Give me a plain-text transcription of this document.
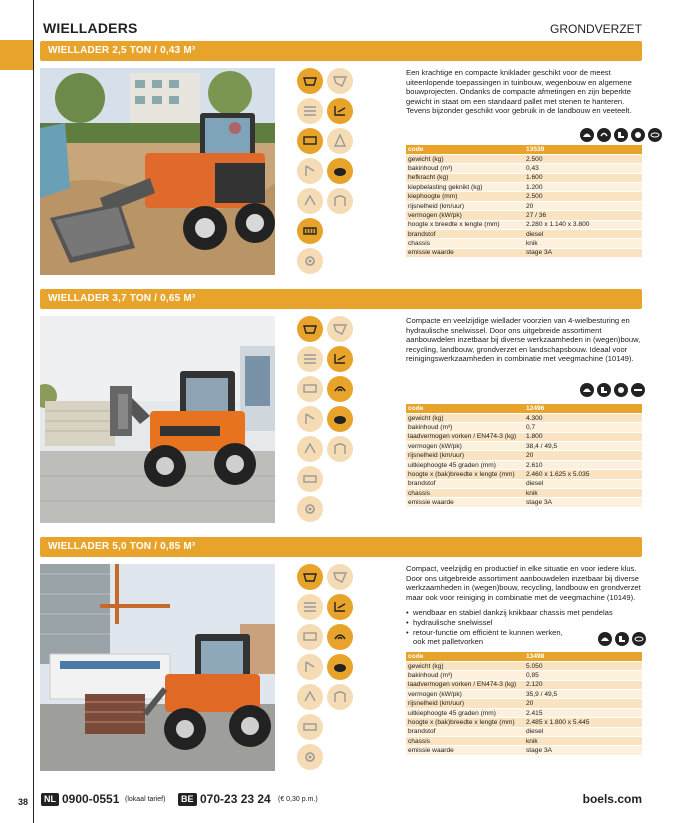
WIELLADERS	GRONDVERZET
WIELLADER 2,5 TON / 0,43 M³
Een krachtige en compacte kniklader geschikt voor de meest uiteenlopende toepassingen in tuinbouw, wegenbouw en algemene bouwprojecten. Ondanks de compacte afmetingen en zijn beperkte gewicht in staat om een standaard pallet met stenen te hanteren. Tevens bijzonder geschikt voor gebruik in de landbouw en veeteelt.
code	13539
gewicht (kg)	2.500
bakinhoud (m³)	0,43
hefkracht (kg)	1.600
kiepbelasting geknikt (kg)	1.200
kiephoogte (mm)	2.500
rijsnelheid (km/uur)	20
vermogen (kW/pk)	27 / 36
hoogte x breedte x lengte (mm)	2.280 x 1.140 x 3.800
brandstof	diesel
chassis	knik
emissie waarde	stage 3A
WIELLADER 3,7 TON / 0,65 M³
Compacte en veelzijdige wiellader voorzien van 4-wielbesturing en hydraulische snelwissel. Door ons uitgebreide assortiment aanbouwdelen inzetbaar bij diverse werkzaamheden in (wegen)bouw, recycling, landbouw, grondverzet en landschapsbouw. Ideaal voor reinigingswerkzaamheden in combinatie met veegmachine (10149).
code	12496
gewicht (kg)	4.300
bakinhoud (m³)	0,7
laadvermogen vorken / EN474-3 (kg)	1.800
vermogen (kW/pk)	38,4 / 49,5
rijsnelheid (km/uur)	20
uitkiephoogte 45 graden (mm)	2.610
hoogte x (bak)breedte x lengte (mm)	2.460 x 1.625 x 5.035
brandstof	diesel
chassis	knik
emissie waarde	stage 3A
WIELLADER 5,0 TON / 0,85 M³
Compact, veelzijdig en productief in elke situatie en voor iedere klus. Door ons uitgebreide assortiment aanbouwdelen inzetbaar bij diverse werkzaamheden in (wegen)bouw, recycling, landbouw en grondverzet maar ook voor reiniging in combinatie met de veegmachine (10149).
• wendbaar en stabiel dankzij knikbaar chassis met pendelas
• hydraulische snelwissel
• retour-functie om efficiënt te kunnen werken, ook met palletvorken
code	13498
gewicht (kg)	5.050
bakinhoud (m³)	0,85
laadvermogen vorken / EN474-3 (kg)	2.120
vermogen (kW/pk)	35,9 / 49,5
rijsnelheid (km/uur)	20
uitkiephoogte 45 graden (mm)	2.415
hoogte x (bak)breedte x lengte (mm)	2.485 x 1.800 x 5.445
brandstof	diesel
chassis	knik
emissie waarde	stage 3A
38	NL 0900-0551 (lokaal tarief)	BE 070-23 23 24 (€ 0,30 p.m.)	boels.com
